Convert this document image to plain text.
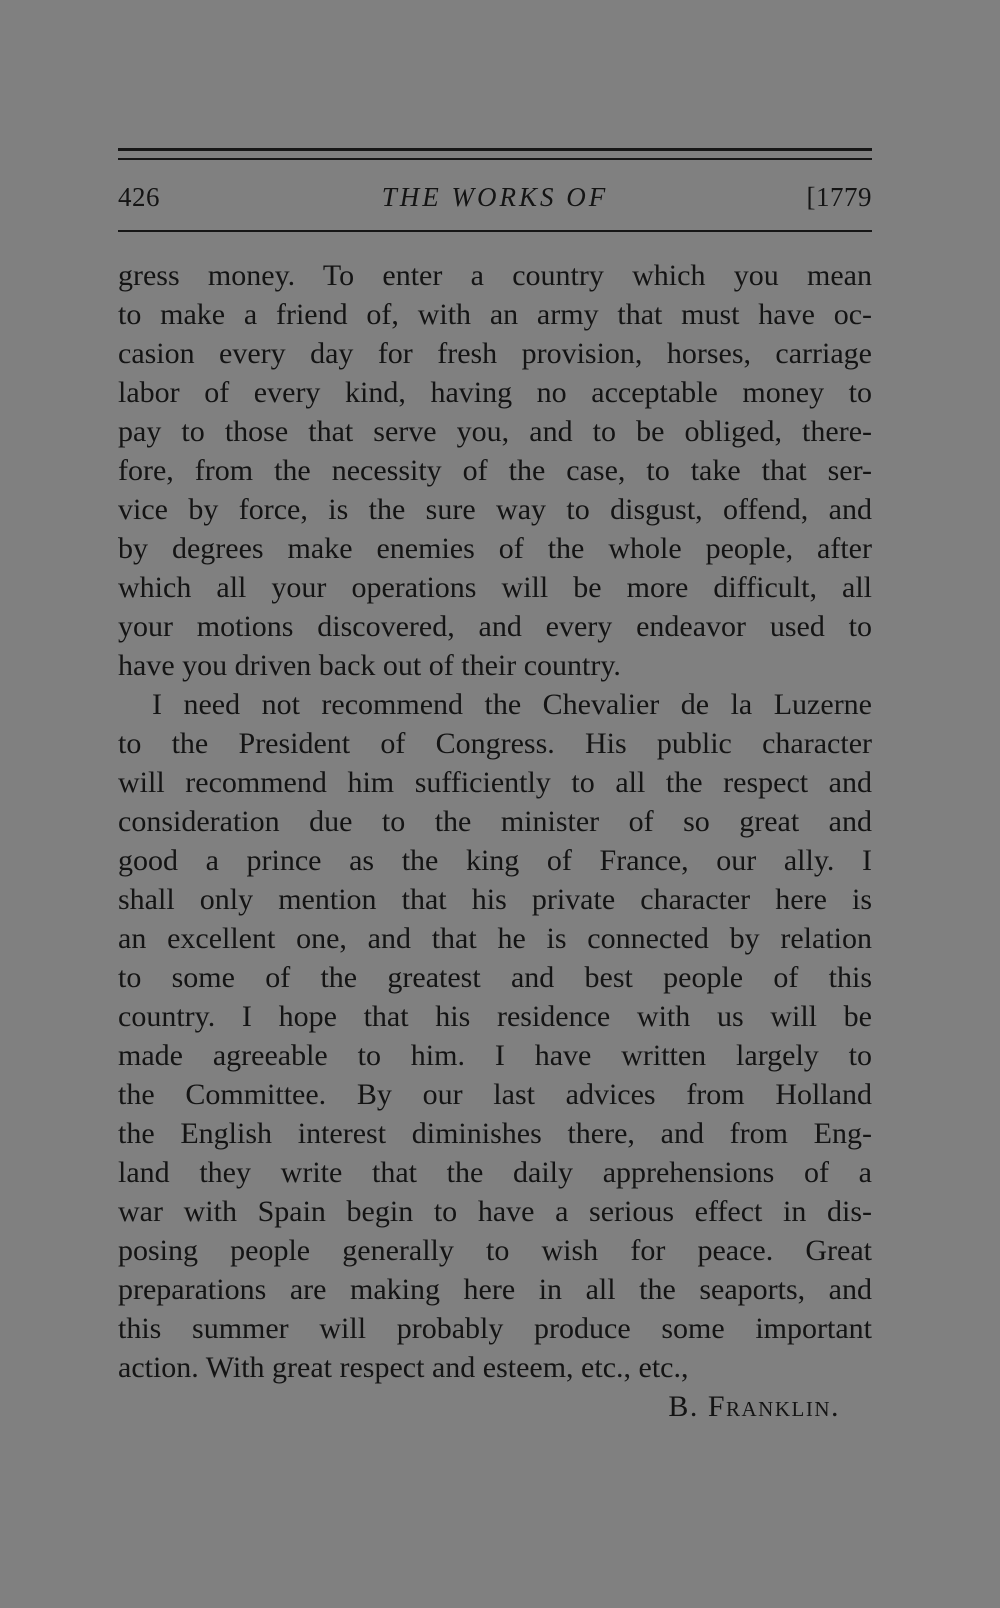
THE WORKS OF
426	[1779
gress money. To enter a country which you mean
to make a friend of, with an army that must have oc-
casion every day for fresh provision, horses, carriage
labor of every kind, having no acceptable money to
pay to those that serve you, and to be obliged, there-
fore, from the necessity of the case, to take that ser-
vice by force, is the sure way to disgust, offend, and
by degrees make enemies of the whole people, after
which all your operations will be more difficult, all
your motions discovered, and every endeavor used to
have you driven back out of their country.
I need not recommend the Chevalier de la Luzerne
to the President of Congress. His public character
will recommend him sufficiently to all the respect and
consideration due to the minister of so great and
good a prince as the king of France, our ally. I
shall only mention that his private character here is
an excellent one, and that he is connected by relation
to some of the greatest and best people of this
country. I hope that his residence with us will be
made agreeable to him. I have written largely to
the Committee. By our last advices from Holland
the English interest diminishes there, and from Eng-
land they write that the daily apprehensions of a
war with Spain begin to have a serious effect in dis-
posing people generally to wish for peace. Great
preparations are making here in all the seaports, and
this summer will probably produce some important
action. With great respect and esteem, etc., etc.,
B. Franklin.
